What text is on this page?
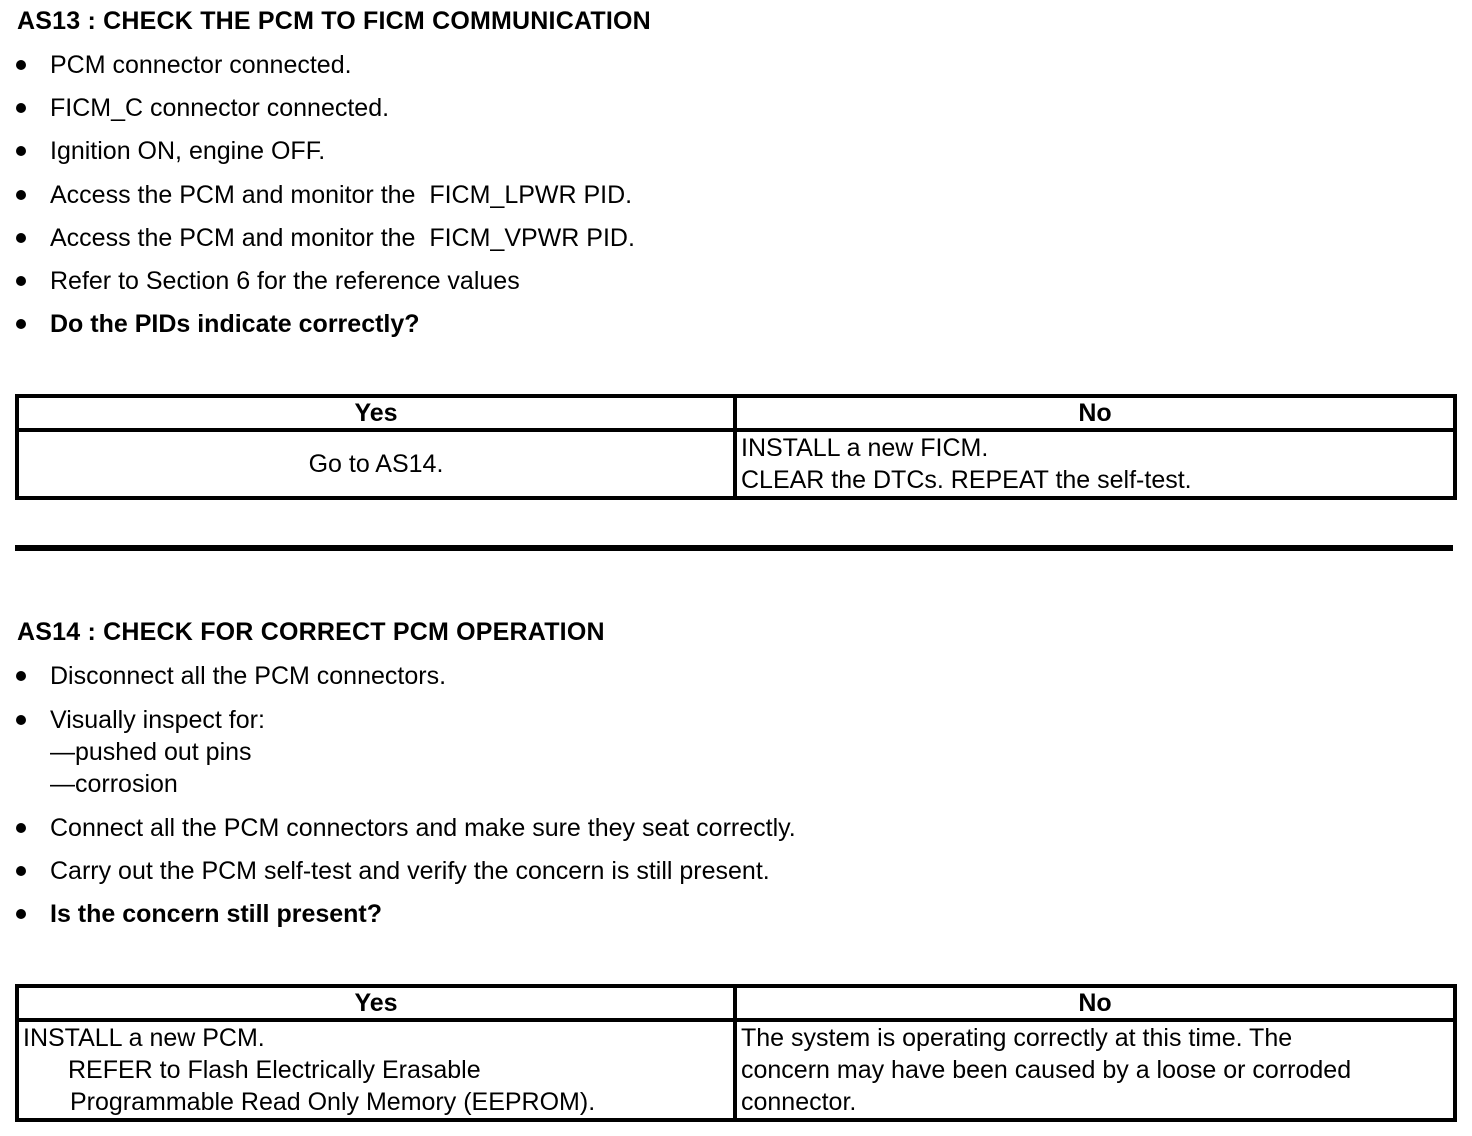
AS13 : CHECK THE PCM TO FICM COMMUNICATION
PCM connector connected.
FICM_C connector connected.
Ignition ON, engine OFF.
Access the PCM and monitor the  FICM_LPWR PID.
Access the PCM and monitor the  FICM_VPWR PID.
Refer to Section 6 for the reference values
Do the PIDs indicate correctly?
Yes	No
Go to AS14.	INSTALL a new FICM.
CLEAR the DTCs. REPEAT the self-test.
AS14 : CHECK FOR CORRECT PCM OPERATION
Disconnect all the PCM connectors.
Visually inspect for:
—pushed out pins
—corrosion
Connect all the PCM connectors and make sure they seat correctly.
Carry out the PCM self-test and verify the concern is still present.
Is the concern still present?
Yes	No

INSTALL a new PCM.
REFER to Flash Electrically Erasable
Programmable Read Only Memory (EEPROM).	The system is operating correctly at this time. The
concern may have been caused by a loose or corroded
connector.
